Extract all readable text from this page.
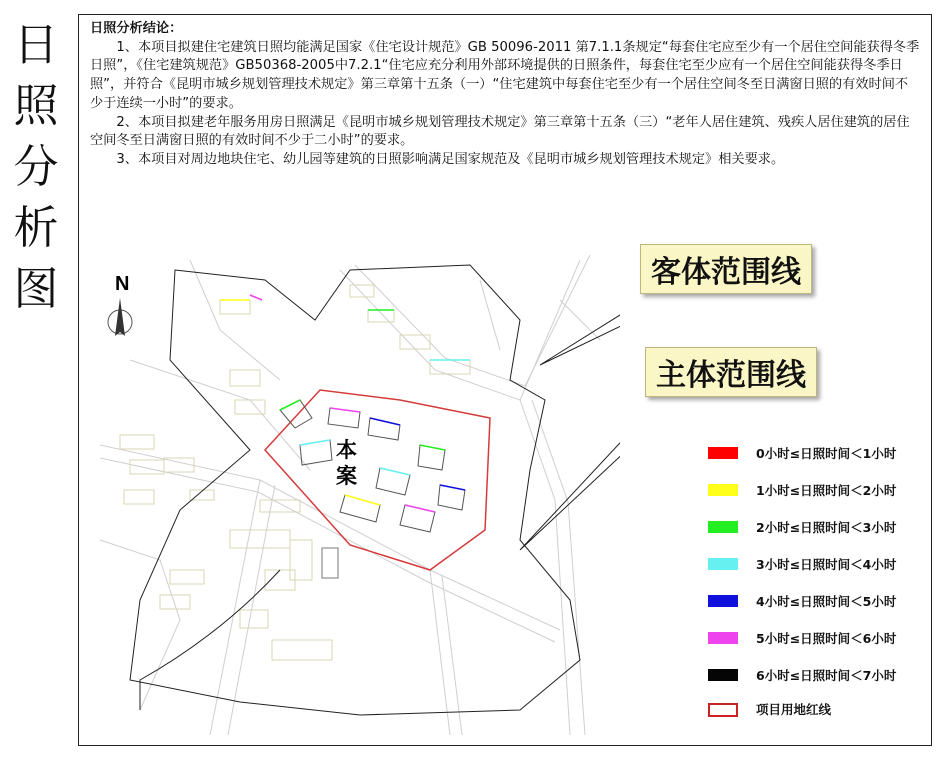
日
照
分
析
图
日照分析结论：

1、本项目拟建住宅建筑日照均能满足国家《住宅设计规范》GB 50096-2011 第7.1.1条规定“每套住宅应至少有一个居住空间能获得冬季日照”，《住宅建筑规范》GB50368-2005中7.2.1“住宅应充分利用外部环境提供的日照条件，每套住宅至少应有一个居住空间能获得冬季日照”，并符合《昆明市城乡规划管理技术规定》第三章第十五条（一）“住宅建筑中每套住宅至少有一个居住空间冬至日满窗日照的有效时间不少于连续一小时”的要求。

2、本项目拟建老年服务用房日照满足《昆明市城乡规划管理技术规定》第三章第十五条（三）“老年人居住建筑、残疾人居住建筑的居住空间冬至日满窗日照的有效时间不少于二小时”的要求。

3、本项目对周边地块住宅、幼儿园等建筑的日照影响满足国家规范及《昆明市城乡规划管理技术规定》相关要求。

N
本
案
客体范围线
主体范围线
0小时≤日照时间＜1小时
1小时≤日照时间＜2小时
2小时≤日照时间＜3小时
3小时≤日照时间＜4小时
4小时≤日照时间＜5小时
5小时≤日照时间＜6小时
6小时≤日照时间＜7小时
项目用地红线
